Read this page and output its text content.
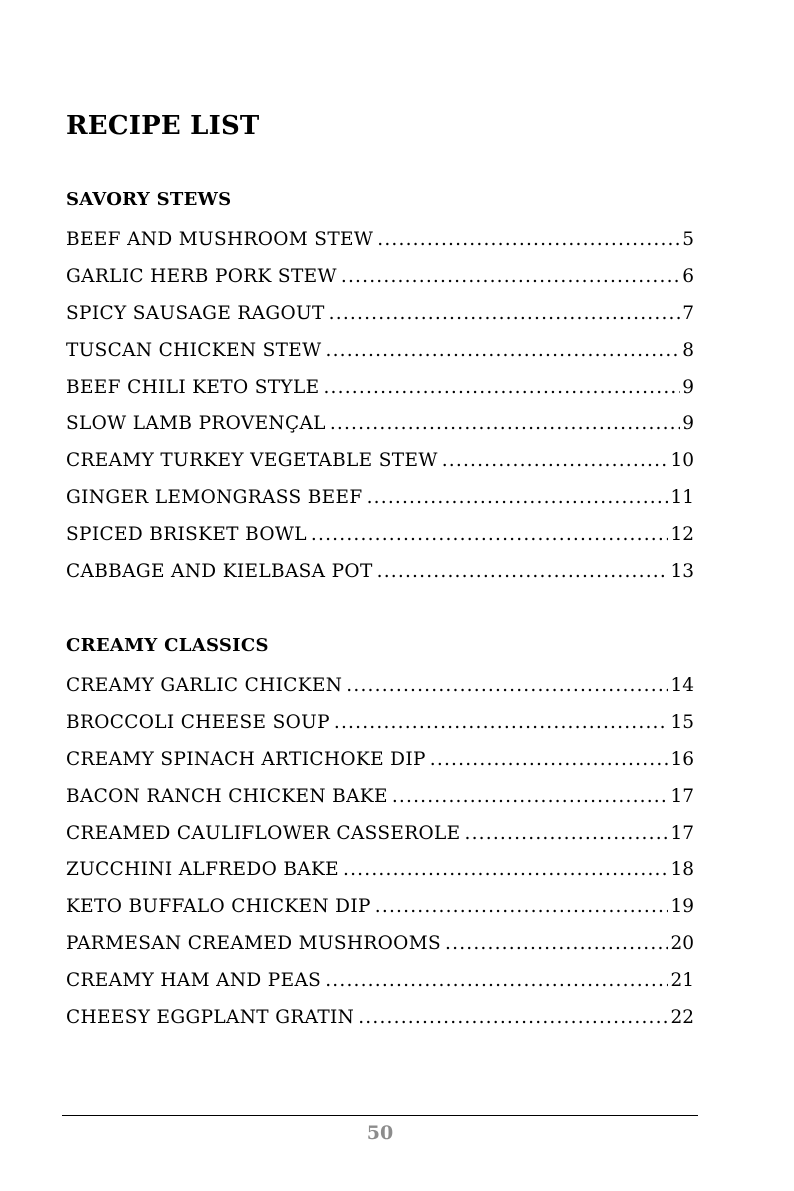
RECIPE LIST
SAVORY STEWS
BEEF AND MUSHROOM STEW .....	5
GARLIC HERB PORK STEW .....	6
SPICY SAUSAGE RAGOUT .....	7
TUSCAN CHICKEN STEW .....	8
BEEF CHILI KETO STYLE .....	9
SLOW LAMB PROVENÇAL .....	9
CREAMY TURKEY VEGETABLE STEW .....	10
GINGER LEMONGRASS BEEF .....	11
SPICED BRISKET BOWL .....	12
CABBAGE AND KIELBASA POT .....	13
CREAMY CLASSICS
CREAMY GARLIC CHICKEN .....	14
BROCCOLI CHEESE SOUP .....	15
CREAMY SPINACH ARTICHOKE DIP .....	16
BACON RANCH CHICKEN BAKE .....	17
CREAMED CAULIFLOWER CASSEROLE .....	17
ZUCCHINI ALFREDO BAKE .....	18
KETO BUFFALO CHICKEN DIP .....	19
PARMESAN CREAMED MUSHROOMS .....	20
CREAMY HAM AND PEAS .....	21
CHEESY EGGPLANT GRATIN .....	22
50
